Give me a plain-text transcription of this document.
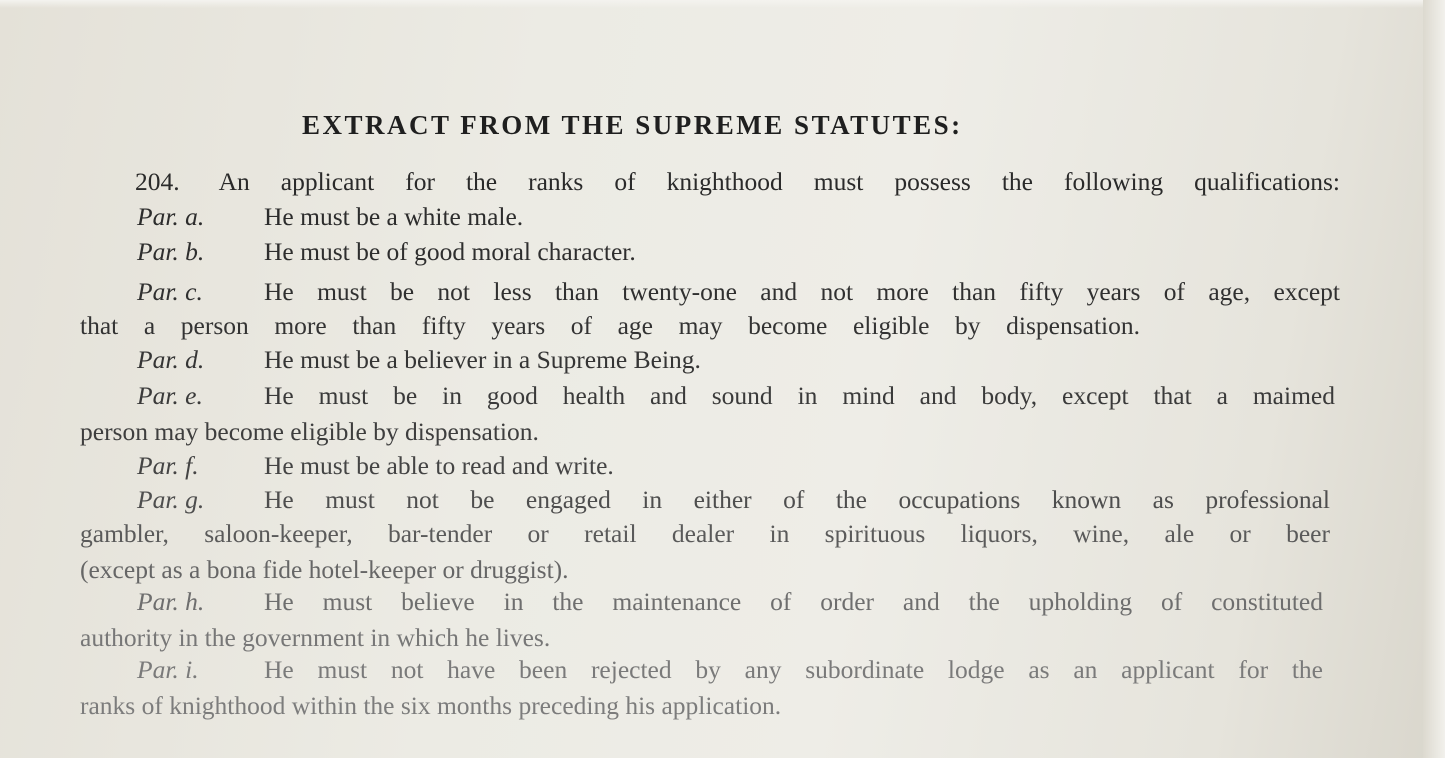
EXTRACT FROM THE SUPREME STATUTES:
204. An applicant for the ranks of knighthood must possess the following qualifications:
Par. a. He must be a white male.
Par. b. He must be of good moral character.
Par. c. He must be not less than twenty-one and not more than fifty years of age, except
that a person more than fifty years of age may become eligible by dispensation.
Par. d. He must be a believer in a Supreme Being.
Par. e. He must be in good health and sound in mind and body, except that a maimed
person may become eligible by dispensation.
Par. f.	He must be able to read and write.
Par. g. He must not be engaged in either of the occupations known as professional
gambler, saloon-keeper, bar-tender or retail dealer in spirituous liquors, wine, ale or beer
(except as a bona fide hotel-keeper or druggist).
Par. h. He must believe in the maintenance of order and the upholding of constituted
authority in the government in which he lives.
Par. i.	He must not have been rejected by any subordinate lodge as an applicant for the
ranks of knighthood within the six months preceding his application.
